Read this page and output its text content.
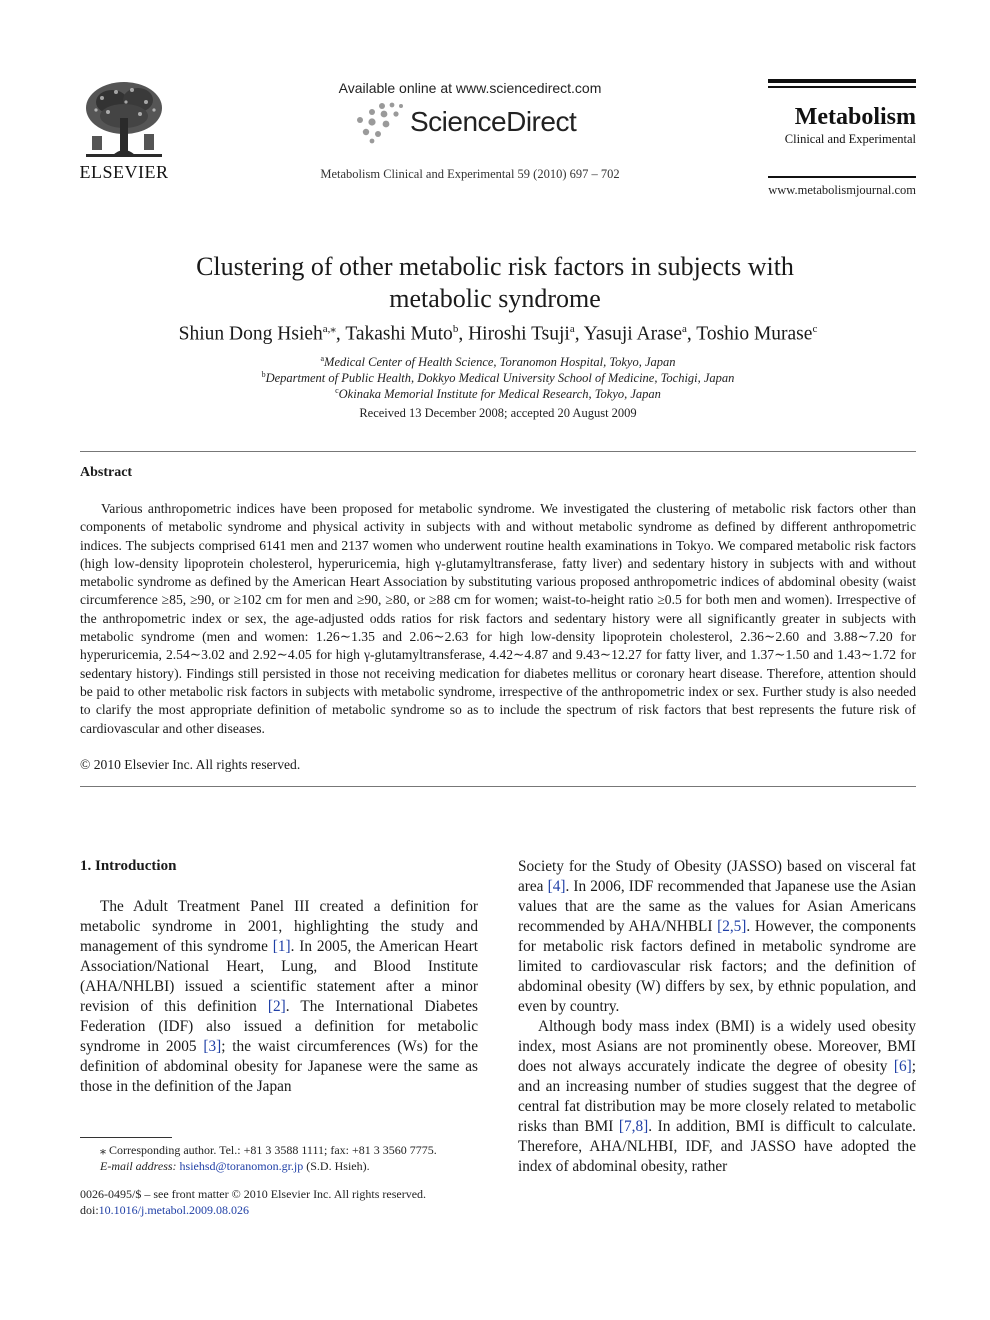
ELSEVIER
Available online at www.sciencedirect.com
ScienceDirect
Metabolism Clinical and Experimental 59 (2010) 697 – 702
Metabolism
Clinical and Experimental
www.metabolismjournal.com
Clustering of other metabolic risk factors in subjects with
metabolic syndrome
Shiun Dong Hsieh$^{a,⁎}$, Takashi Muto$^b$, Hiroshi Tsuji$^a$, Yasuji Arase$^a$, Toshio Murase$^c$
$^a$Medical Center of Health Science, Toranomon Hospital, Tokyo, Japan
$^b$Department of Public Health, Dokkyo Medical University School of Medicine, Tochigi, Japan
$^c$Okinaka Memorial Institute for Medical Research, Tokyo, Japan
Received 13 December 2008; accepted 20 August 2009
Abstract

Various anthropometric indices have been proposed for metabolic syndrome. We investigated the clustering of metabolic risk factors other than components of metabolic syndrome and physical activity in subjects with and without metabolic syndrome as defined by different anthropometric indices. The subjects comprised 6141 men and 2137 women who underwent routine health examinations in Tokyo. We compared metabolic risk factors (high low-density lipoprotein cholesterol, hyperuricemia, high γ-glutamyltransferase, fatty liver) and sedentary history in subjects with and without metabolic syndrome as defined by the American Heart Association by substituting various proposed anthropometric indices of abdominal obesity (waist circumference ≥85, ≥90, or ≥102 cm for men and ≥90, ≥80, or ≥88 cm for women; waist-to-height ratio ≥0.5 for both men and women). Irrespective of the anthropometric index or sex, the age-adjusted odds ratios for risk factors and sedentary history were all significantly greater in subjects with metabolic syndrome (men and women: 1.26∼1.35 and 2.06∼2.63 for high low-density lipoprotein cholesterol, 2.36∼2.60 and 3.88∼7.20 for hyperuricemia, 2.54∼3.02 and 2.92∼4.05 for high γ-glutamyltransferase, 4.42∼4.87 and 9.43∼12.27 for fatty liver, and 1.37∼1.50 and 1.43∼1.72 for sedentary history). Findings still persisted in those not receiving medication for diabetes mellitus or coronary heart disease. Therefore, attention should be paid to other metabolic risk factors in subjects with metabolic syndrome, irrespective of the anthropometric index or sex. Further study is also needed to clarify the most appropriate definition of metabolic syndrome so as to include the spectrum of risk factors that best represents the future risk of cardiovascular and other diseases.

© 2010 Elsevier Inc. All rights reserved.
1. Introduction

The Adult Treatment Panel III created a definition for metabolic syndrome in 2001, highlighting the study and management of this syndrome [1]. In 2005, the American Heart Association/National Heart, Lung, and Blood Institute (AHA/NHLBI) issued a scientific statement after a minor revision of this definition [2]. The International Diabetes Federation (IDF) also issued a definition for metabolic syndrome in 2005 [3]; the waist circumferences (Ws) for the definition of abdominal obesity for Japanese were the same as those in the definition of the Japan

Society for the Study of Obesity (JASSO) based on visceral fat area [4]. In 2006, IDF recommended that Japanese use the Asian values that are the same as the values for Asian Americans recommended by AHA/NHBLI [2,5]. However, the components for metabolic risk factors defined in metabolic syndrome are limited to cardiovascular risk factors; and the definition of abdominal obesity (W) differs by sex, by ethnic population, and even by country.

Although body mass index (BMI) is a widely used obesity index, most Asians are not prominently obese. Moreover, BMI does not always accurately indicate the degree of obesity [6]; and an increasing number of studies suggest that the degree of central fat distribution may be more closely related to metabolic risks than BMI [7,8]. In addition, BMI is difficult to calculate. Therefore, AHA/NLHBI, IDF, and JASSO have adopted the index of abdominal obesity, rather

⁎ Corresponding author. Tel.: +81 3 3588 1111; fax: +81 3 3560 7775.
E-mail address: hsiehsd@toranomon.gr.jp (S.D. Hsieh).
0026-0495/$ – see front matter © 2010 Elsevier Inc. All rights reserved.
doi:10.1016/j.metabol.2009.08.026
